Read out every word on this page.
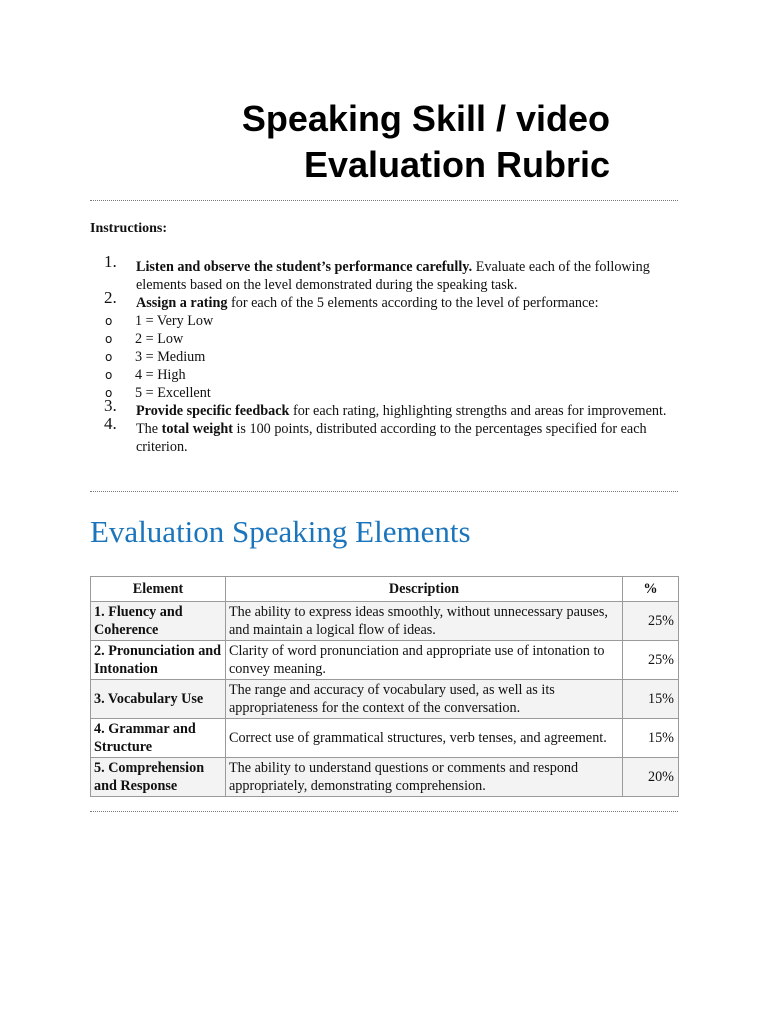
Speaking Skill / video
Evaluation Rubric
Instructions:
1. Listen and observe the student’s performance carefully. Evaluate each of the following elements based on the level demonstrated during the speaking task.
2. Assign a rating for each of the 5 elements according to the level of performance:
o 1 = Very Low
o 2 = Low
o 3 = Medium
o 4 = High
o 5 = Excellent
3. Provide specific feedback for each rating, highlighting strengths and areas for improvement.
4. The total weight is 100 points, distributed according to the percentages specified for each criterion.
Evaluation Speaking Elements
Element	Description	%
1. Fluency and Coherence	The ability to express ideas smoothly, without unnecessary pauses, and maintain a logical flow of ideas.	25%
2. Pronunciation and Intonation	Clarity of word pronunciation and appropriate use of intonation to convey meaning.	25%
3. Vocabulary Use	The range and accuracy of vocabulary used, as well as its appropriateness for the context of the conversation.	15%
4. Grammar and Structure	Correct use of grammatical structures, verb tenses, and agreement.	15%
5. Comprehension and Response	The ability to understand questions or comments and respond appropriately, demonstrating comprehension.	20%
